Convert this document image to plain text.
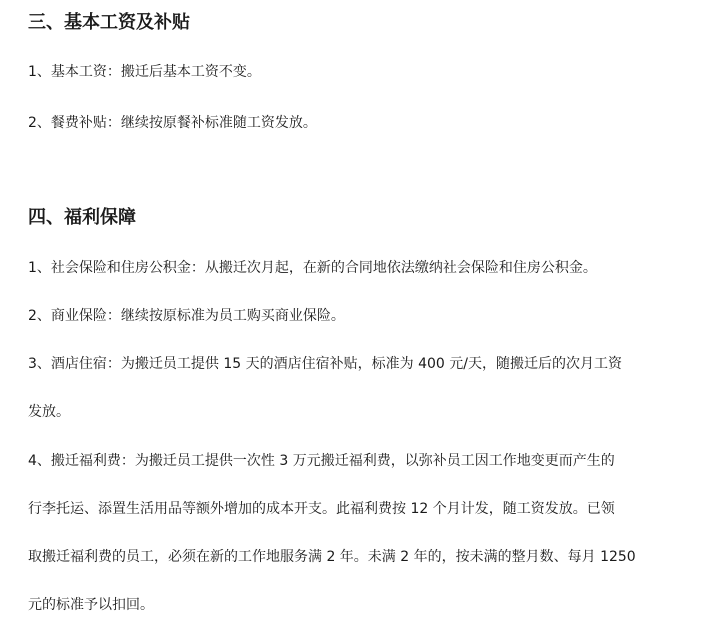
三、基本工资及补贴
1、基本工资：搬迁后基本工资不变。
2、餐费补贴：继续按原餐补标准随工资发放。
四、福利保障
1、社会保险和住房公积金：从搬迁次月起，在新的合同地依法缴纳社会保险和住房公积金。
2、商业保险：继续按原标准为员工购买商业保险。
3、酒店住宿：为搬迁员工提供 15 天的酒店住宿补贴，标准为 400 元/天，随搬迁后的次月工资
发放。
4、搬迁福利费：为搬迁员工提供一次性 3 万元搬迁福利费，以弥补员工因工作地变更而产生的
行李托运、添置生活用品等额外增加的成本开支。此福利费按 12 个月计发，随工资发放。已领
取搬迁福利费的员工，必须在新的工作地服务满 2 年。未满 2 年的，按未满的整月数、每月 1250
元的标准予以扣回。
